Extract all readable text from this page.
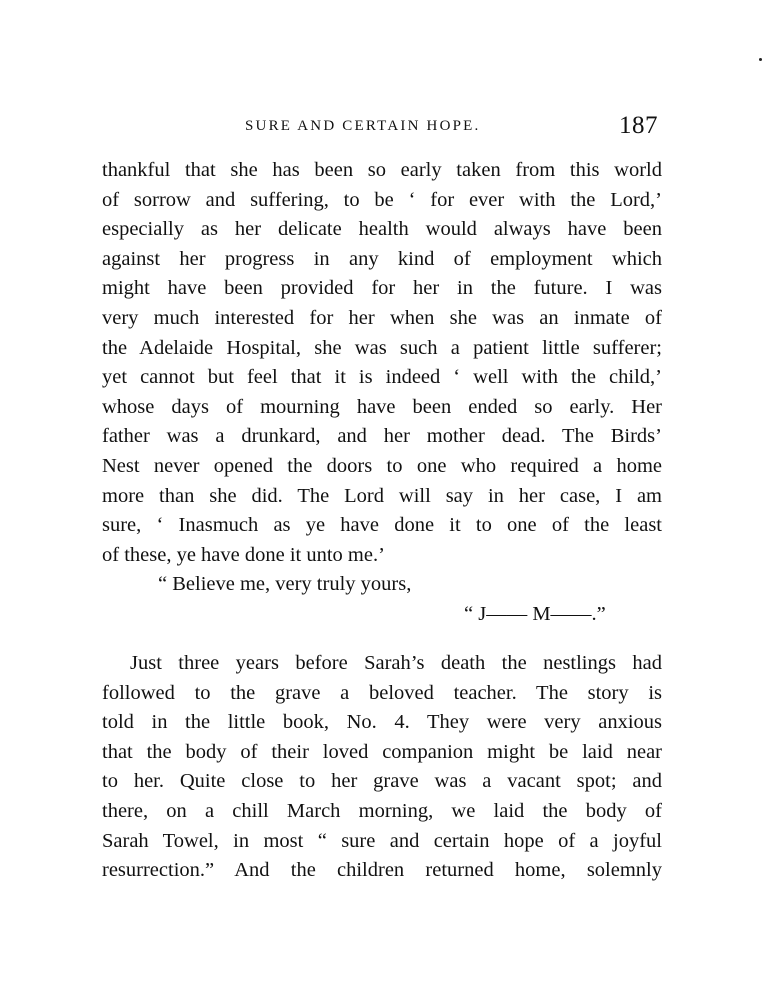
SURE AND CERTAIN HOPE.	187
thankful that she has been so early taken from this world
of sorrow and suffering, to be ‘ for ever with the Lord,’
especially as her delicate health would always have been
against her progress in any kind of employment which
might have been provided for her in the future. I was
very much interested for her when she was an inmate of
the Adelaide Hospital, she was such a patient little sufferer;
yet cannot but feel that it is indeed ‘ well with the child,’
whose days of mourning have been ended so early. Her
father was a drunkard, and her mother dead. The Birds’
Nest never opened the doors to one who required a home
more than she did. The Lord will say in her case, I am
sure, ‘ Inasmuch as ye have done it to one of the least
of these, ye have done it unto me.’
“ Believe me, very truly yours,
“ J—— M——.”
Just three years before Sarah’s death the nestlings had
followed to the grave a beloved teacher. The story is
told in the little book, No. 4. They were very anxious
that the body of their loved companion might be laid near
to her. Quite close to her grave was a vacant spot; and
there, on a chill March morning, we laid the body of
Sarah Towel, in most “ sure and certain hope of a joyful
resurrection.” And the children returned home, solemnly
